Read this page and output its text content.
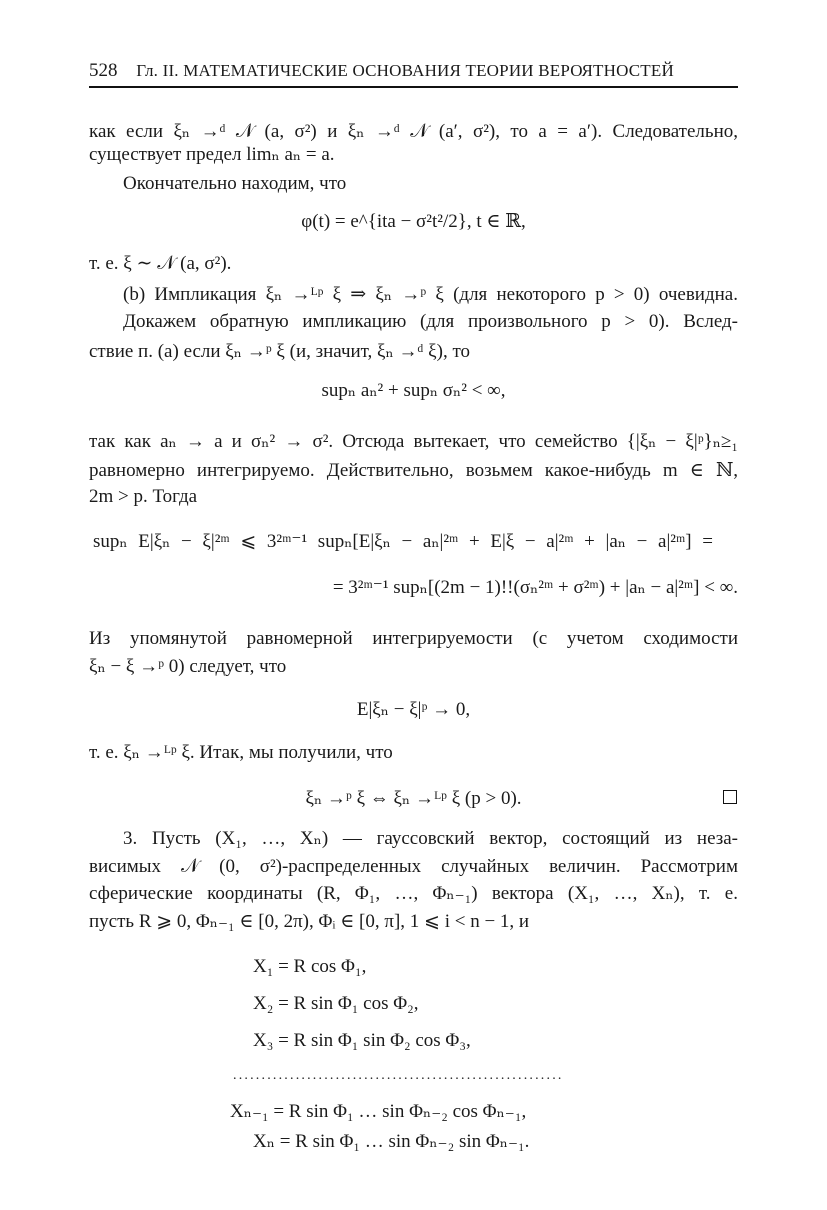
528 Гл. II. МАТЕМАТИЧЕСКИЕ ОСНОВАНИЯ ТЕОРИИ ВЕРОЯТНОСТЕЙ
как если ξₙ →ᵈ 𝒩 (a, σ²) и ξₙ →ᵈ 𝒩 (a′, σ²), то a = a′). Следовательно,
существует предел limₙ aₙ = a.
Окончательно находим, что
φ(t) = e^{ita − σ²t²/2}, t ∈ ℝ,
т. е. ξ ∼ 𝒩 (a, σ²).
(b) Импликация ξₙ →ᴸᵖ ξ ⇒ ξₙ →ᵖ ξ (для некоторого p > 0) очевидна.
Докажем обратную импликацию (для произвольного p > 0). Вслед-
ствие п. (a) если ξₙ →ᵖ ξ (и, значит, ξₙ →ᵈ ξ), то
supₙ aₙ² + supₙ σₙ² < ∞,
так как aₙ → a и σₙ² → σ². Отсюда вытекает, что семейство {|ξₙ − ξ|ᵖ}ₙ≥₁
равномерно интегрируемо. Действительно, возьмем какое-нибудь m ∈ ℕ,
2m > p. Тогда
supₙ E|ξₙ − ξ|²ᵐ ⩽ 3²ᵐ⁻¹ supₙ[E|ξₙ − aₙ|²ᵐ + E|ξ − a|²ᵐ + |aₙ − a|²ᵐ] =
= 3²ᵐ⁻¹ supₙ[(2m − 1)!!(σₙ²ᵐ + σ²ᵐ) + |aₙ − a|²ᵐ] < ∞.
Из упомянутой равномерной интегрируемости (с учетом сходимости
ξₙ − ξ →ᵖ 0) следует, что
E|ξₙ − ξ|ᵖ → 0,
т. е. ξₙ →ᴸᵖ ξ. Итак, мы получили, что
ξₙ →ᵖ ξ ⇔ ξₙ →ᴸᵖ ξ (p > 0).
3. Пусть (X₁, …, Xₙ) — гауссовский вектор, состоящий из неза-
висимых 𝒩 (0, σ²)-распределенных случайных величин. Рассмотрим
сферические координаты (R, Φ₁, …, Φₙ₋₁) вектора (X₁, …, Xₙ), т. е.
пусть R ⩾ 0, Φₙ₋₁ ∈ [0, 2π), Φᵢ ∈ [0, π], 1 ⩽ i < n − 1, и
X₁ = R cos Φ₁,
X₂ = R sin Φ₁ cos Φ₂,
X₃ = R sin Φ₁ sin Φ₂ cos Φ₃,
Xₙ₋₁ = R sin Φ₁ … sin Φₙ₋₂ cos Φₙ₋₁,
Xₙ = R sin Φ₁ … sin Φₙ₋₂ sin Φₙ₋₁.
..........................................................
